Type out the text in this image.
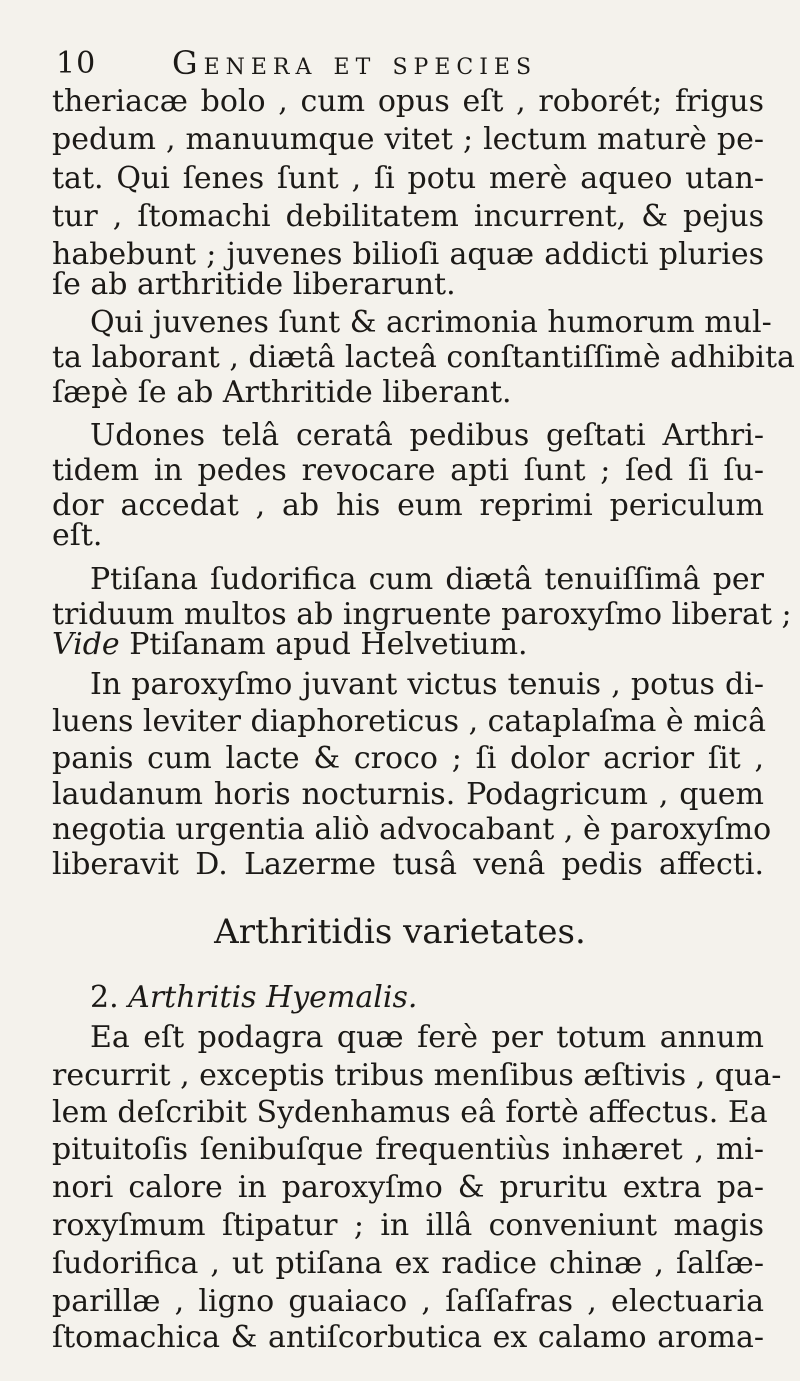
10 Genera et species
theriacæ bolo , cum opus eſt , roborét; frigus
pedum , manuumque vitet ; lectum maturè pe-
tat. Qui ſenes ſunt , ſi potu merè aqueo utan-
tur , ſtomachi debilitatem incurrent, & pejus
habebunt ; juvenes bilioſi aquæ addicti pluries
ſe ab arthritide liberarunt.
Qui juvenes ſunt & acrimonia humorum mul-
ta laborant , diætâ lacteâ conſtantiſſimè adhibita
ſæpè ſe ab Arthritide liberant.
Udones telâ ceratâ pedibus geſtati Arthri-
tidem in pedes revocare apti ſunt ; ſed ſi ſu-
dor accedat , ab his eum reprimi periculum
eſt.
Ptiſana ſudorifica cum diætâ tenuiſſimâ per
triduum multos ab ingruente paroxyſmo liberat ;
Vide Ptiſanam apud Helvetium.
In paroxyſmo juvant victus tenuis , potus di-
luens leviter diaphoreticus , cataplaſma è micâ
panis cum lacte & croco ; ſi dolor acrior ſit ,
laudanum horis nocturnis. Podagricum , quem
negotia urgentia aliò advocabant , è paroxyſmo
liberavit D. Lazerme tusâ venâ pedis affecti.
Arthritidis varietates.
2. Arthritis Hyemalis.
Ea eſt podagra quæ ferè per totum annum
recurrit , exceptis tribus menſibus æſtivis , qua-
lem deſcribit Sydenhamus eâ fortè affectus. Ea
pituitoſis ſenibuſque frequentiùs inhæret , mi-
nori calore in paroxyſmo & pruritu extra pa-
roxyſmum ſtipatur ; in illâ conveniunt magis
ſudorifica , ut ptiſana ex radice chinæ , ſalſæ-
parillæ , ligno guaiaco , ſaſſafras , electuaria
ſtomachica & antiſcorbutica ex calamo aroma-
